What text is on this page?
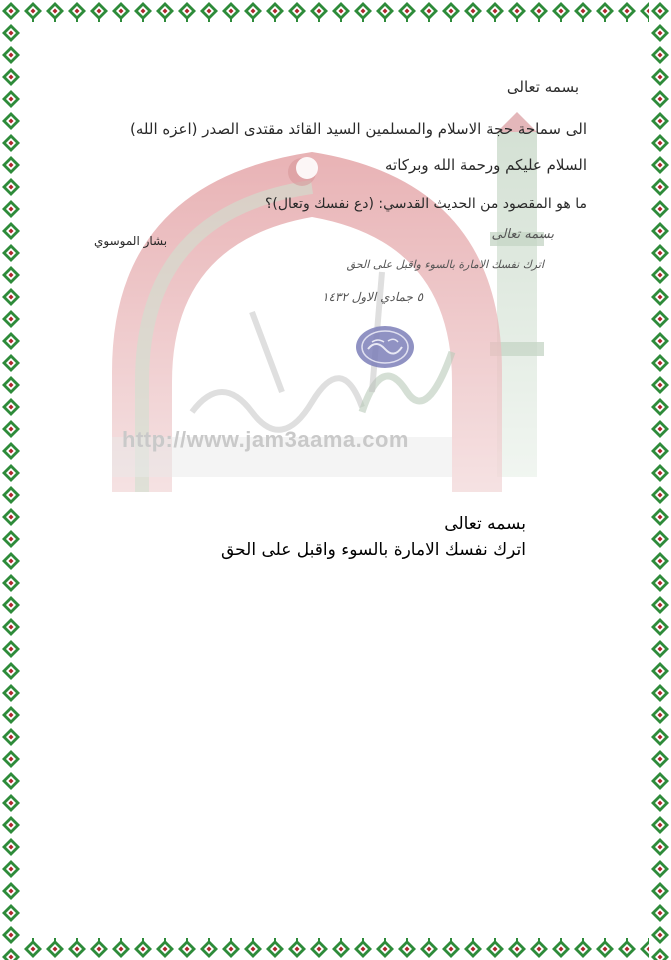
http://www.jam3aama.com
بسمه تعالى
الى سماحة حجة الاسلام والمسلمين السيد القائد مقتدى الصدر (اعزه الله)
السلام عليكم ورحمة الله وبركاته
ما هو المقصود من الحديث القدسي: (دع نفسك وتعال)؟
بشار الموسوي	بسمه تعالى
اترك نفسك الامارة بالسوء واقبل على الحق
٥ جمادي الاول ١٤٣٢
بسمه تعالى
اترك نفسك الامارة بالسوء واقبل على الحق
